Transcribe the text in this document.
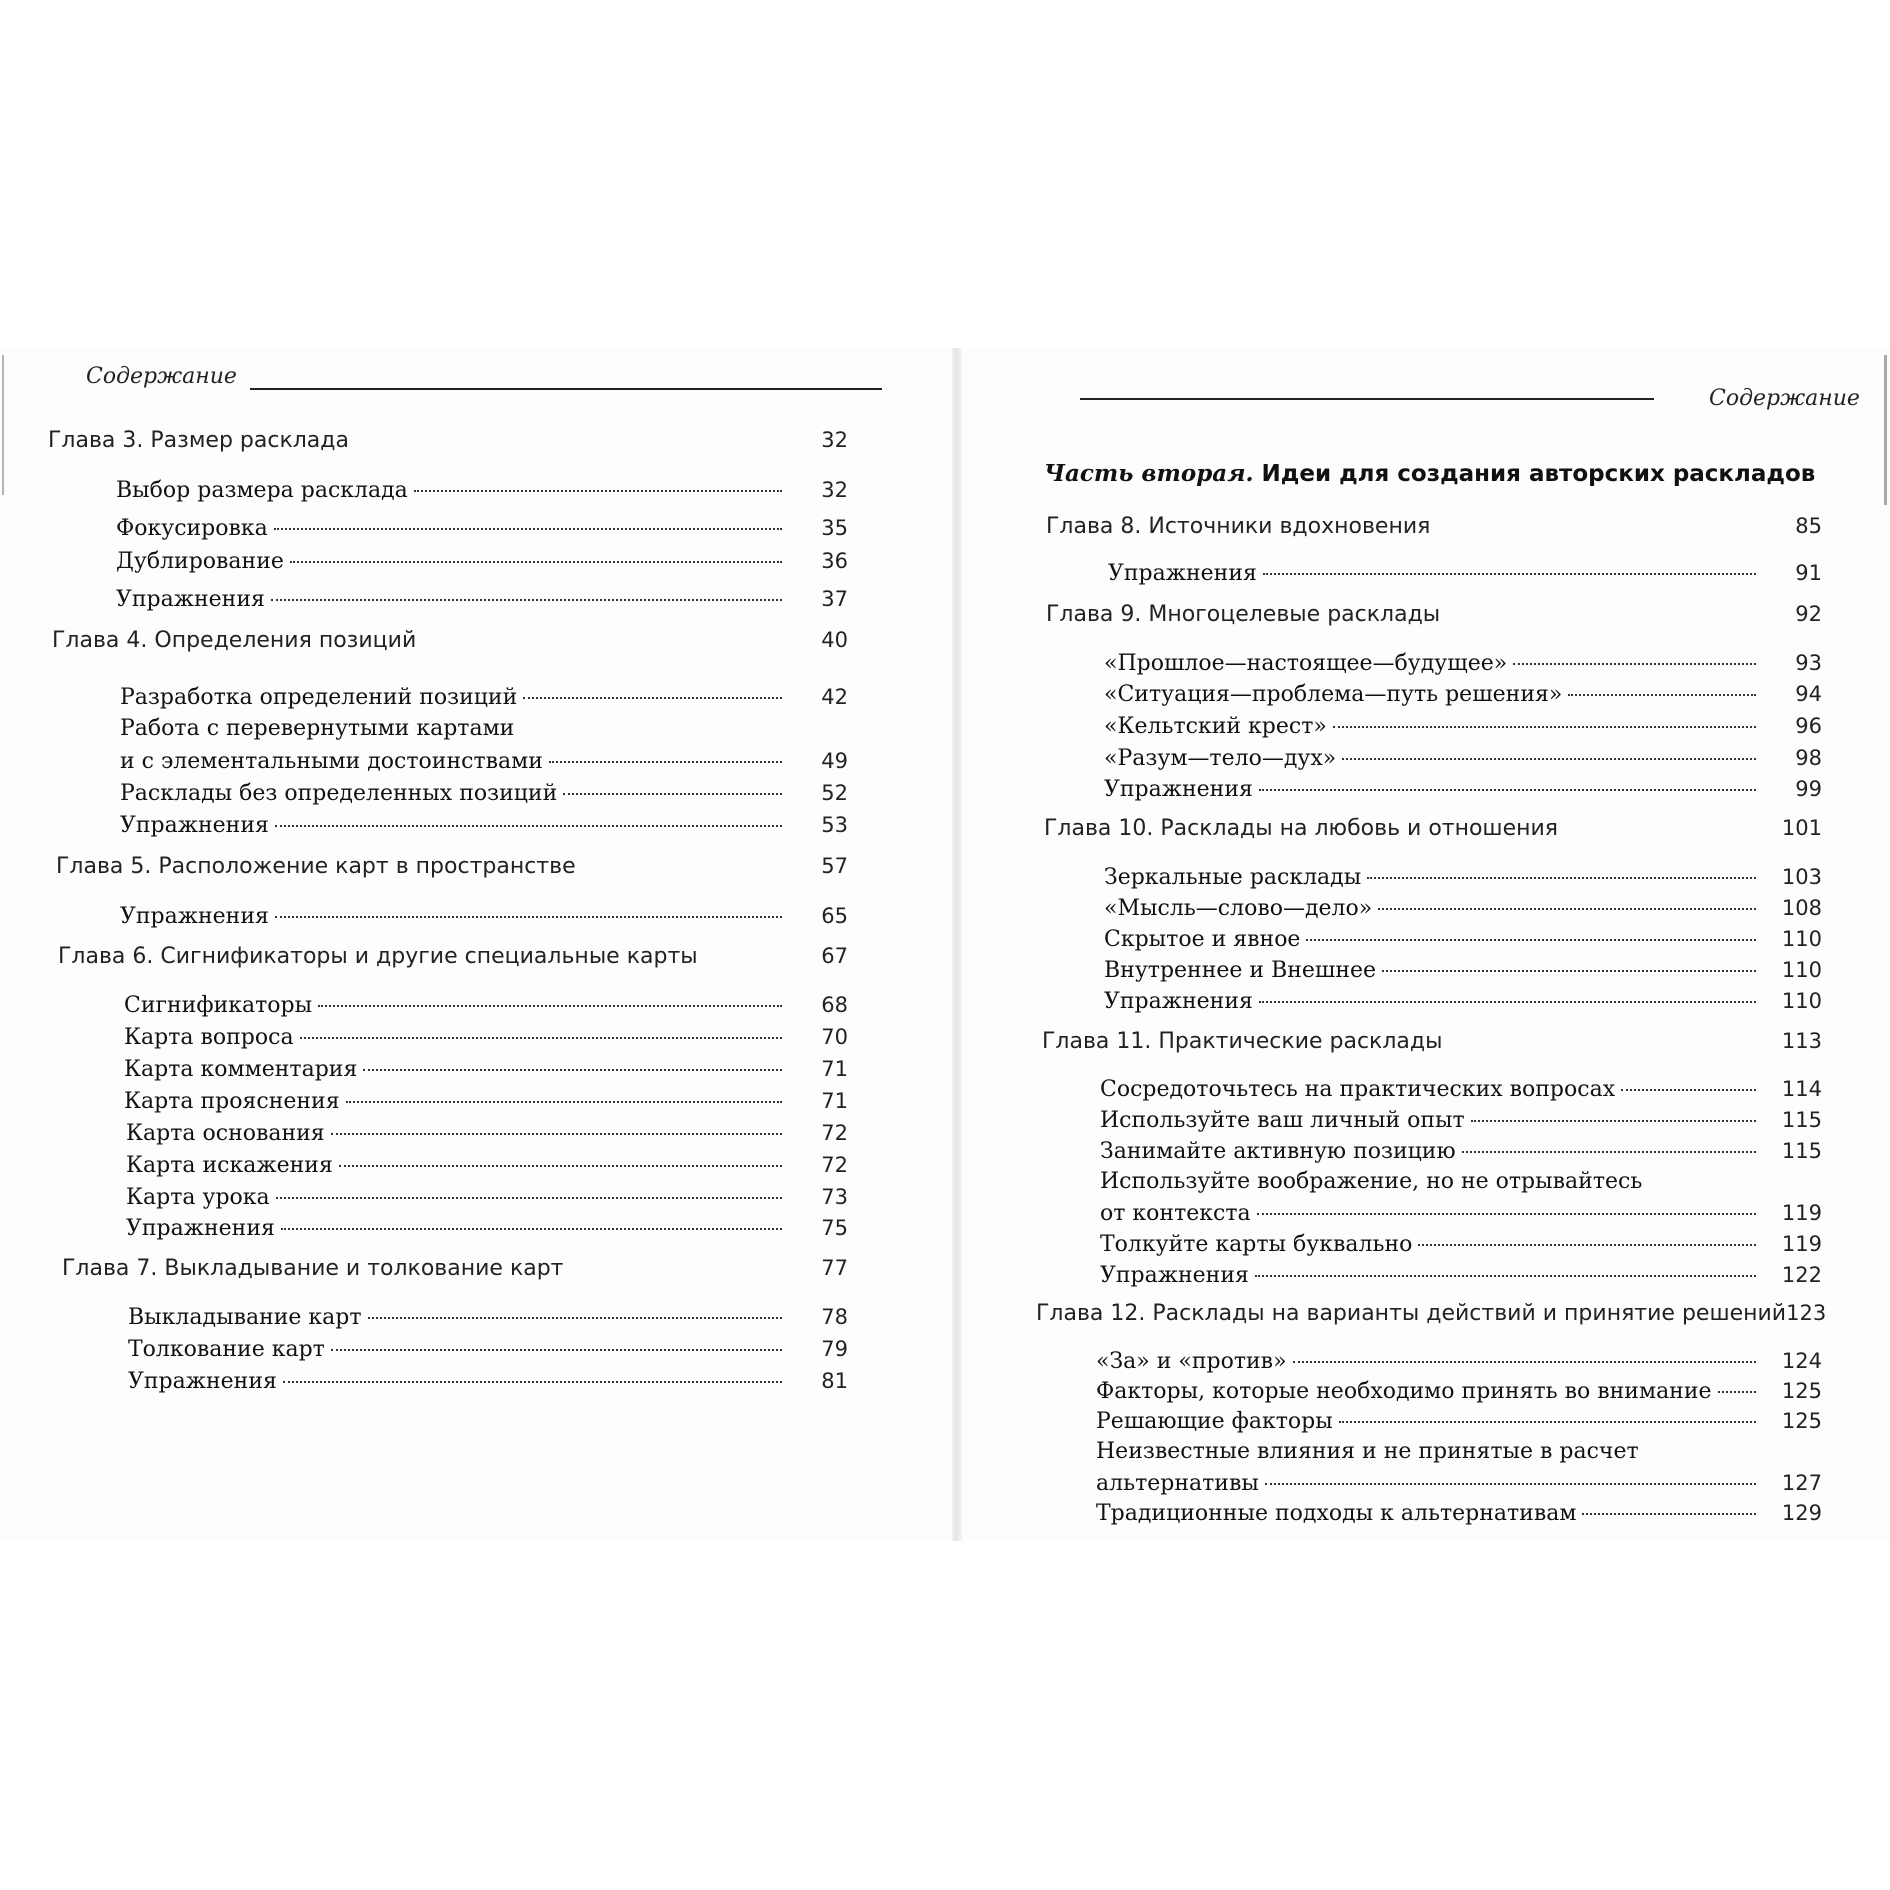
Содержание
Глава 3. Размер расклада	32
Выбор размера расклада	32
Фокусировка	35
Дублирование	36
Упражнения	37
Глава 4. Определения позиций	40
Разработка определений позиций	42
Работа с перевернутыми картами
и с элементальными достоинствами	49
Расклады без определенных позиций	52
Упражнения	53
Глава 5. Расположение карт в пространстве	57
Упражнения	65
Глава 6. Сигнификаторы и другие специальные карты	67
Сигнификаторы	68
Карта вопроса	70
Карта комментария	71
Карта прояснения	71
Карта основания	72
Карта искажения	72
Карта урока	73
Упражнения	75
Глава 7. Выкладывание и толкование карт	77
Выкладывание карт	78
Толкование карт	79
Упражнения	81
Содержание
Часть вторая. Идеи для создания авторских раскладов
Глава 8. Источники вдохновения	85
Упражнения	91
Глава 9. Многоцелевые расклады	92
«Прошлое—настоящее—будущее»	93
«Ситуация—проблема—путь решения»	94
«Кельтский крест»	96
«Разум—тело—дух»	98
Упражнения	99
Глава 10. Расклады на любовь и отношения	101
Зеркальные расклады	103
«Мысль—слово—дело»	108
Скрытое и явное	110
Внутреннее и Внешнее	110
Упражнения	110
Глава 11. Практические расклады	113
Сосредоточьтесь на практических вопросах	114
Используйте ваш личный опыт	115
Занимайте активную позицию	115
Используйте воображение, но не отрывайтесь
от контекста	119
Толкуйте карты буквально	119
Упражнения	122
Глава 12. Расклады на варианты действий и принятие решений 123
«За» и «против»	124
Факторы, которые необходимо принять во внимание	125
Решающие факторы	125
Неизвестные влияния и не принятые в расчет
альтернативы	127
Традиционные подходы к альтернативам	129
